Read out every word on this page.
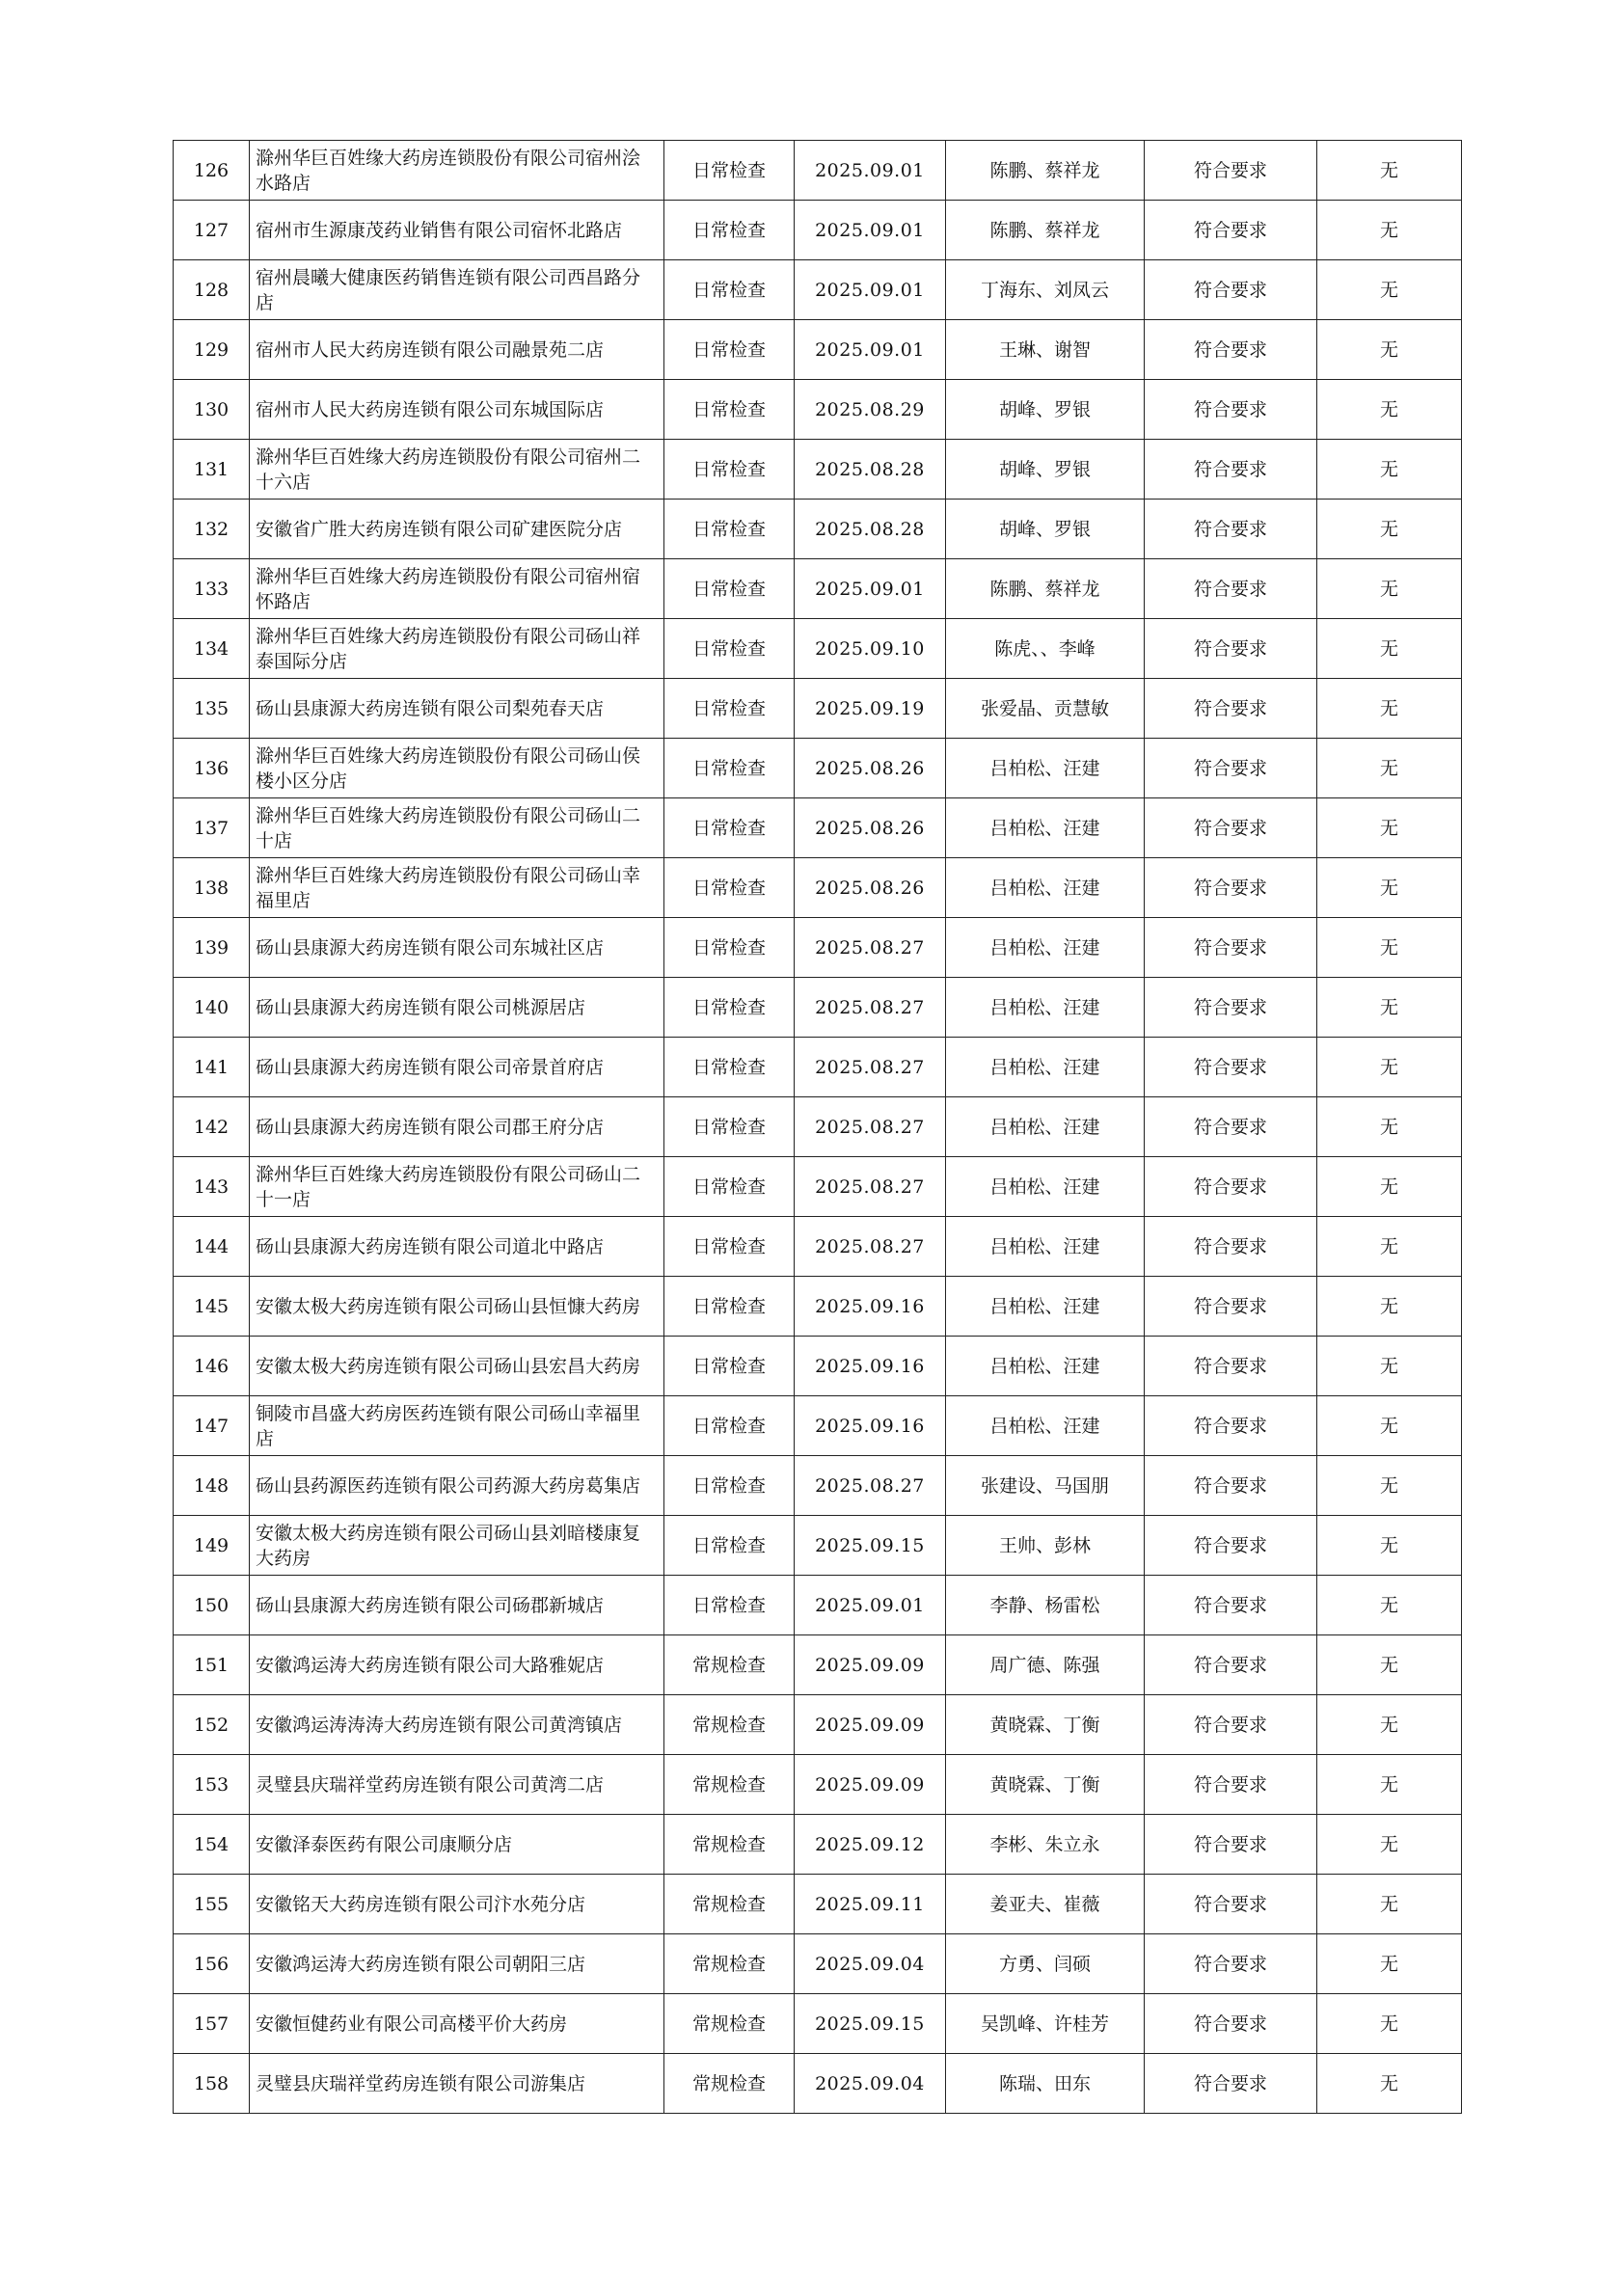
126	滁州华巨百姓缘大药房连锁股份有限公司宿州浍水路店	日常检查	2025.09.01	陈鹏、蔡祥龙	符合要求	无
127	宿州市生源康茂药业销售有限公司宿怀北路店	日常检查	2025.09.01	陈鹏、蔡祥龙	符合要求	无
128	宿州晨曦大健康医药销售连锁有限公司西昌路分店	日常检查	2025.09.01	丁海东、刘凤云	符合要求	无
129	宿州市人民大药房连锁有限公司融景苑二店	日常检查	2025.09.01	王琳、谢智	符合要求	无
130	宿州市人民大药房连锁有限公司东城国际店	日常检查	2025.08.29	胡峰、罗银	符合要求	无
131	滁州华巨百姓缘大药房连锁股份有限公司宿州二十六店	日常检查	2025.08.28	胡峰、罗银	符合要求	无
132	安徽省广胜大药房连锁有限公司矿建医院分店	日常检查	2025.08.28	胡峰、罗银	符合要求	无
133	滁州华巨百姓缘大药房连锁股份有限公司宿州宿怀路店	日常检查	2025.09.01	陈鹏、蔡祥龙	符合要求	无
134	滁州华巨百姓缘大药房连锁股份有限公司砀山祥泰国际分店	日常检查	2025.09.10	陈虎、、李峰	符合要求	无
135	砀山县康源大药房连锁有限公司梨苑春天店	日常检查	2025.09.19	张爱晶、贡慧敏	符合要求	无
136	滁州华巨百姓缘大药房连锁股份有限公司砀山侯楼小区分店	日常检查	2025.08.26	吕柏松、汪建	符合要求	无
137	滁州华巨百姓缘大药房连锁股份有限公司砀山二十店	日常检查	2025.08.26	吕柏松、汪建	符合要求	无
138	滁州华巨百姓缘大药房连锁股份有限公司砀山幸福里店	日常检查	2025.08.26	吕柏松、汪建	符合要求	无
139	砀山县康源大药房连锁有限公司东城社区店	日常检查	2025.08.27	吕柏松、汪建	符合要求	无
140	砀山县康源大药房连锁有限公司桃源居店	日常检查	2025.08.27	吕柏松、汪建	符合要求	无
141	砀山县康源大药房连锁有限公司帝景首府店	日常检查	2025.08.27	吕柏松、汪建	符合要求	无
142	砀山县康源大药房连锁有限公司郡王府分店	日常检查	2025.08.27	吕柏松、汪建	符合要求	无
143	滁州华巨百姓缘大药房连锁股份有限公司砀山二十一店	日常检查	2025.08.27	吕柏松、汪建	符合要求	无
144	砀山县康源大药房连锁有限公司道北中路店	日常检查	2025.08.27	吕柏松、汪建	符合要求	无
145	安徽太极大药房连锁有限公司砀山县恒慷大药房	日常检查	2025.09.16	吕柏松、汪建	符合要求	无
146	安徽太极大药房连锁有限公司砀山县宏昌大药房	日常检查	2025.09.16	吕柏松、汪建	符合要求	无
147	铜陵市昌盛大药房医药连锁有限公司砀山幸福里店	日常检查	2025.09.16	吕柏松、汪建	符合要求	无
148	砀山县药源医药连锁有限公司药源大药房葛集店	日常检查	2025.08.27	张建设、马国朋	符合要求	无
149	安徽太极大药房连锁有限公司砀山县刘暗楼康复大药房	日常检查	2025.09.15	王帅、彭林	符合要求	无
150	砀山县康源大药房连锁有限公司砀郡新城店	日常检查	2025.09.01	李静、杨雷松	符合要求	无
151	安徽鸿运涛大药房连锁有限公司大路雅妮店	常规检查	2025.09.09	周广德、陈强	符合要求	无
152	安徽鸿运涛涛涛大药房连锁有限公司黄湾镇店	常规检查	2025.09.09	黄晓霖、丁衡	符合要求	无
153	灵璧县庆瑞祥堂药房连锁有限公司黄湾二店	常规检查	2025.09.09	黄晓霖、丁衡	符合要求	无
154	安徽泽泰医药有限公司康顺分店	常规检查	2025.09.12	李彬、朱立永	符合要求	无
155	安徽铭天大药房连锁有限公司汴水苑分店	常规检查	2025.09.11	姜亚夫、崔薇	符合要求	无
156	安徽鸿运涛大药房连锁有限公司朝阳三店	常规检查	2025.09.04	方勇、闫硕	符合要求	无
157	安徽恒健药业有限公司高楼平价大药房	常规检查	2025.09.15	吴凯峰、许桂芳	符合要求	无
158	灵璧县庆瑞祥堂药房连锁有限公司游集店	常规检查	2025.09.04	陈瑞、田东	符合要求	无
